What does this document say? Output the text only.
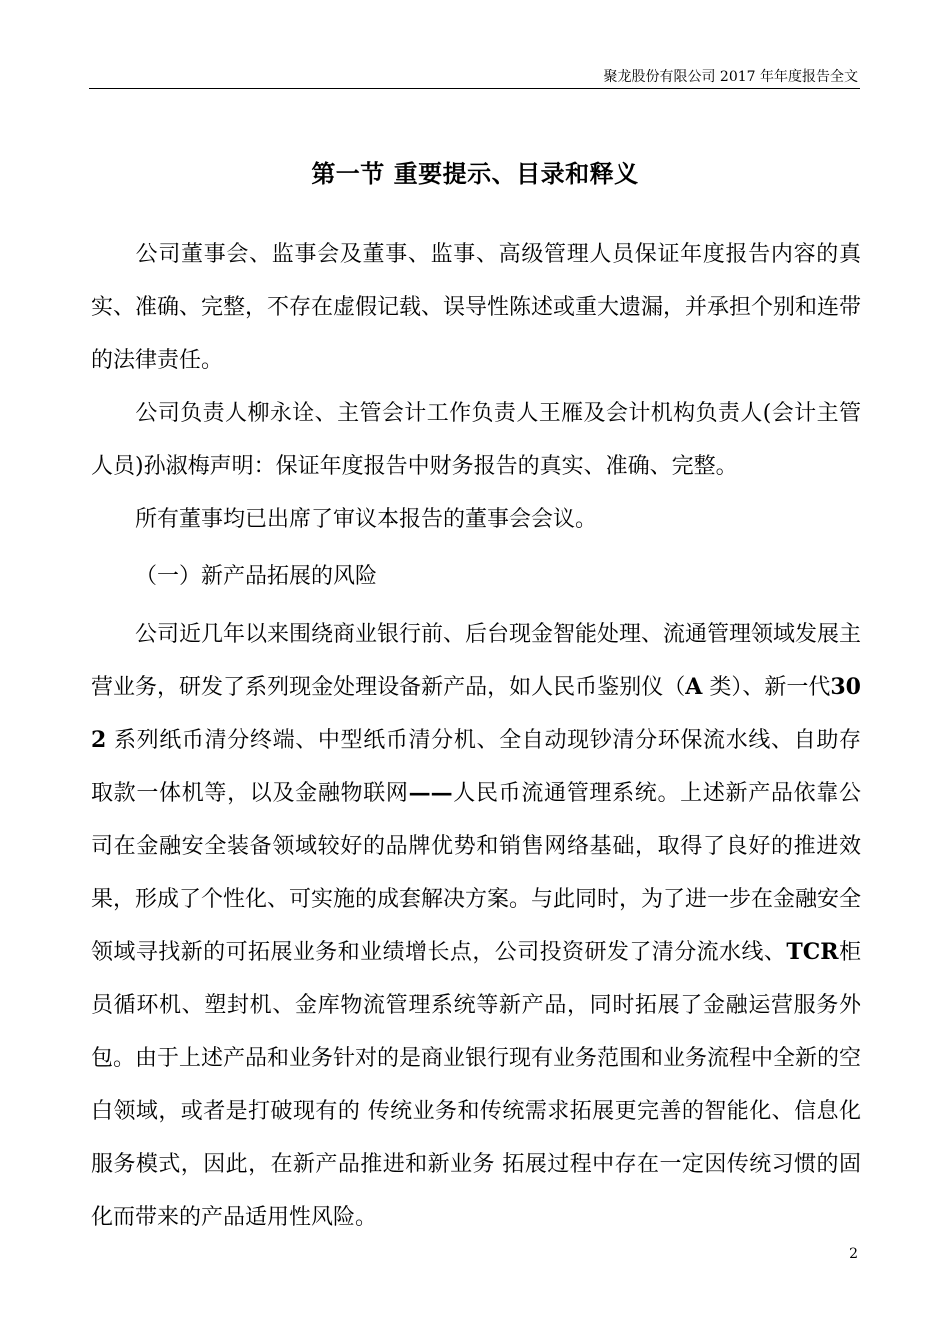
聚龙股份有限公司 2017 年年度报告全文
第一节 重要提示、目录和释义
公司董事会、监事会及董事、监事、高级管理人员保证年度报告内容的真实、准确、完整，不存在虚假记载、误导性陈述或重大遗漏，并承担个别和连带的法律责任。
公司负责人柳永诠、主管会计工作负责人王雁及会计机构负责人(会计主管人员)孙淑梅声明：保证年度报告中财务报告的真实、准确、完整。
所有董事均已出席了审议本报告的董事会会议。
（一）新产品拓展的风险
公司近几年以来围绕商业银行前、后台现金智能处理、流通管理领域发展主营业务，研发了系列现金处理设备新产品，如人民币鉴别仪（A 类）、新一代302 系列纸币清分终端、中型纸币清分机、全自动现钞清分环保流水线、自助存取款一体机等，以及金融物联网——人民币流通管理系统。上述新产品依靠公司在金融安全装备领域较好的品牌优势和销售网络基础，取得了良好的推进效果，形成了个性化、可实施的成套解决方案。与此同时，为了进一步在金融安全领域寻找新的可拓展业务和业绩增长点，公司投资研发了清分流水线、TCR柜员循环机、塑封机、金库物流管理系统等新产品，同时拓展了金融运营服务外包。由于上述产品和业务针对的是商业银行现有业务范围和业务流程中全新的空白领域，或者是打破现有的 传统业务和传统需求拓展更完善的智能化、信息化服务模式，因此，在新产品推进和新业务 拓展过程中存在一定因传统习惯的固化而带来的产品适用性风险。
2
